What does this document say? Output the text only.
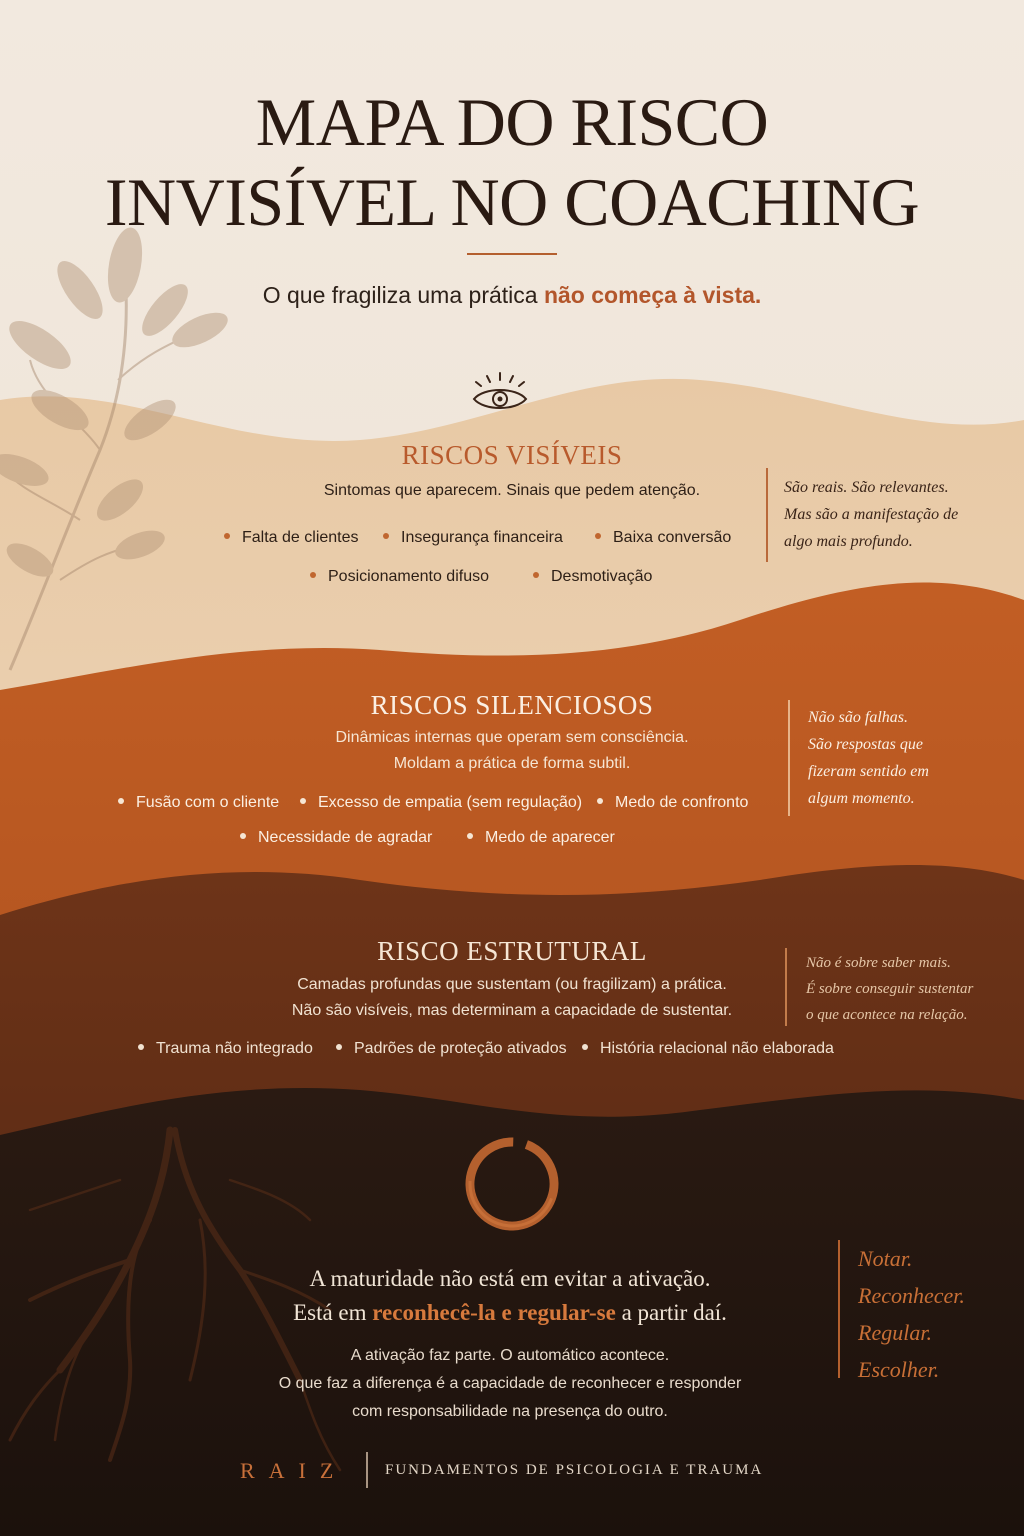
MAPA DO RISCO
INVISÍVEL NO COACHING
O que fragiliza uma prática não começa à vista.
RISCOS VISÍVEIS
Sintomas que aparecem. Sinais que pedem atenção.
Falta de clientes	Insegurança financeira	Baixa conversão
Posicionamento difuso	Desmotivação
São reais. São relevantes.
Mas são a manifestação de
algo mais profundo.
RISCOS SILENCIOSOS
Dinâmicas internas que operam sem consciência.
Moldam a prática de forma subtil.
Fusão com o cliente	Excesso de empatia (sem regulação)	Medo de confronto
Necessidade de agradar	Medo de aparecer
Não são falhas.
São respostas que
fizeram sentido em
algum momento.
RISCO ESTRUTURAL
Camadas profundas que sustentam (ou fragilizam) a prática.
Não são visíveis, mas determinam a capacidade de sustentar.
Trauma não integrado	Padrões de proteção ativados	História relacional não elaborada
Não é sobre saber mais.
É sobre conseguir sustentar
o que acontece na relação.
A maturidade não está em evitar a ativação.
Está em reconhecê-la e regular-se a partir daí.
A ativação faz parte. O automático acontece.
O que faz a diferença é a capacidade de reconhecer e responder
com responsabilidade na presença do outro.
Notar.
Reconhecer.
Regular.
Escolher.
RAIZ	FUNDAMENTOS DE PSICOLOGIA E TRAUMA
